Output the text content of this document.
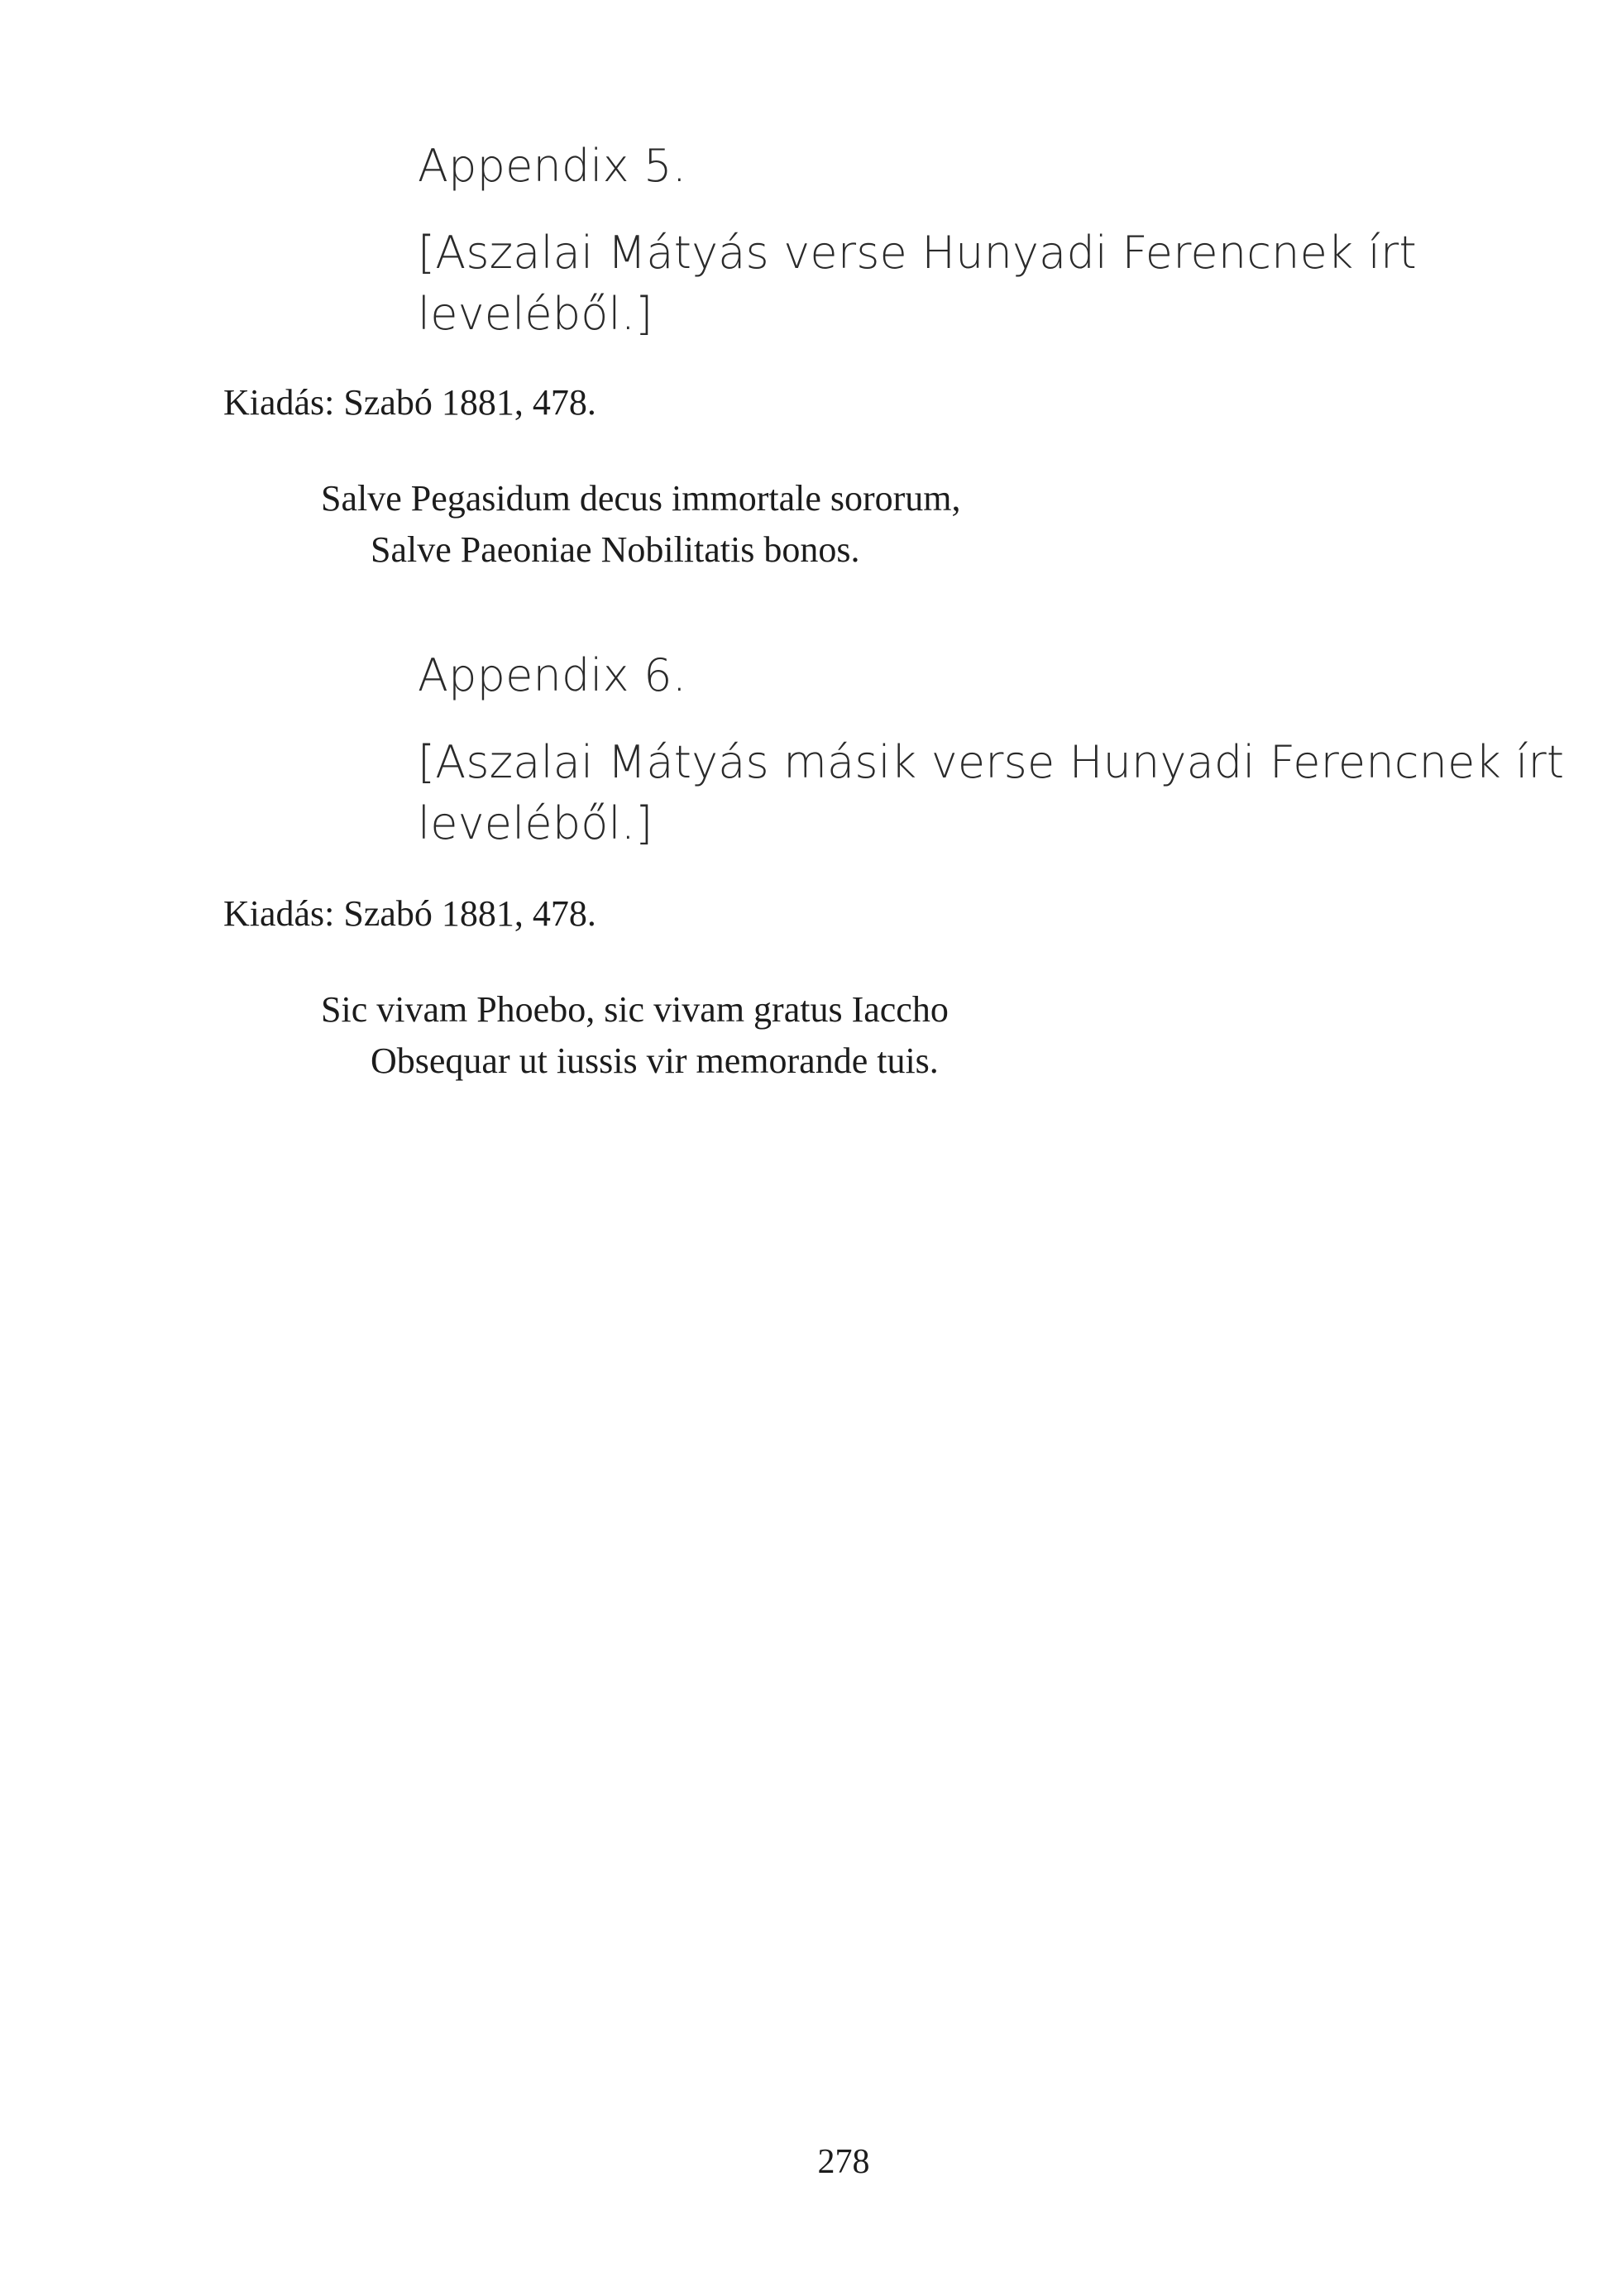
Appendix 5.
[Aszalai Mátyás verse Hunyadi Ferencnek írt
leveléből.]

Kiadás: Szabó 1881, 478.

Salve Pegasidum decus immortale sororum,
Salve Paeoniae Nobilitatis bonos.
Appendix 6.
[Aszalai Mátyás másik verse Hunyadi Ferencnek írt
leveléből.]

Kiadás: Szabó 1881, 478.

Sic vivam Phoebo, sic vivam gratus Iaccho
Obsequar ut iussis vir memorande tuis.
278
